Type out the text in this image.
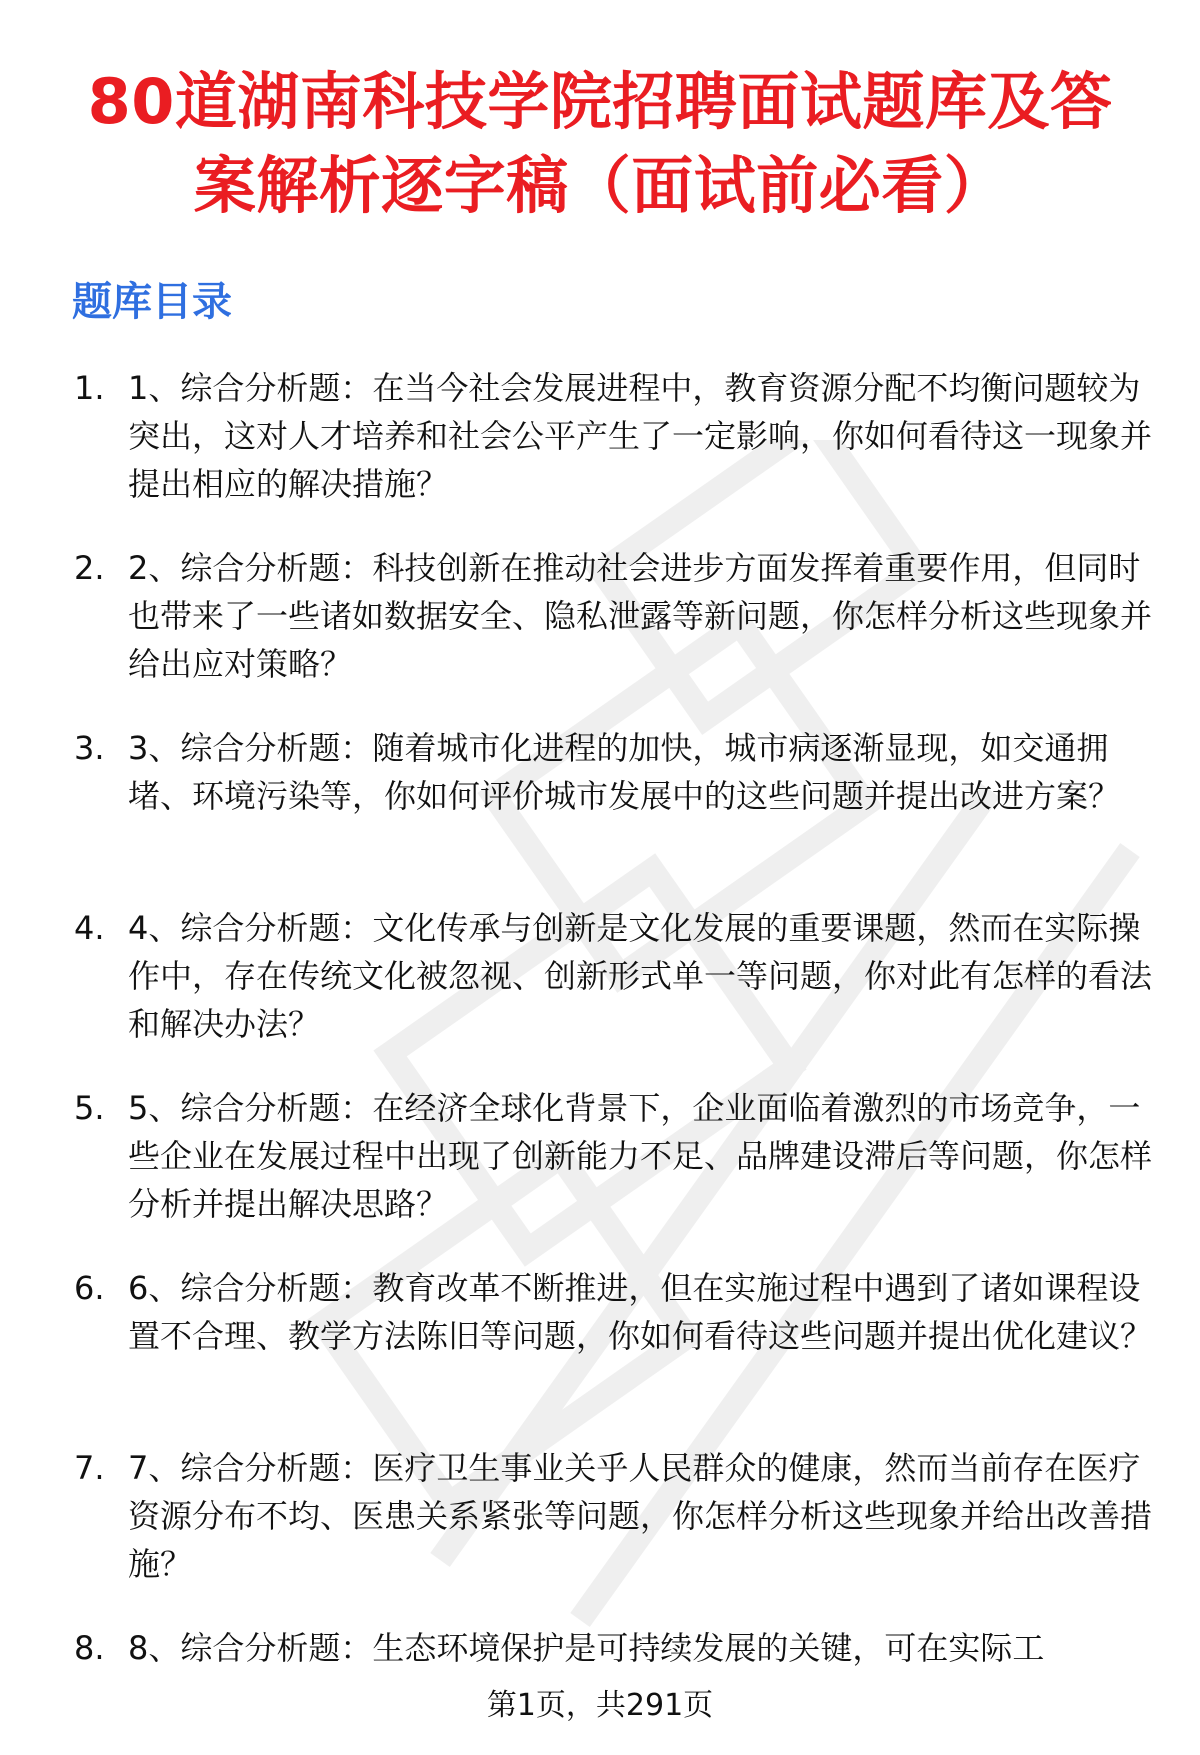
80道湖南科技学院招聘面试题库及答案解析逐字稿（面试前必看）
题库目录
1. 1、综合分析题：在当今社会发展进程中，教育资源分配不均衡问题较为突出，这对人才培养和社会公平产生了一定影响，你如何看待这一现象并提出相应的解决措施？
2. 2、综合分析题：科技创新在推动社会进步方面发挥着重要作用，但同时也带来了一些诸如数据安全、隐私泄露等新问题，你怎样分析这些现象并给出应对策略？
3. 3、综合分析题：随着城市化进程的加快，城市病逐渐显现，如交通拥堵、环境污染等，你如何评价城市发展中的这些问题并提出改进方案？
4. 4、综合分析题：文化传承与创新是文化发展的重要课题，然而在实际操作中，存在传统文化被忽视、创新形式单一等问题，你对此有怎样的看法和解决办法？
5. 5、综合分析题：在经济全球化背景下，企业面临着激烈的市场竞争，一些企业在发展过程中出现了创新能力不足、品牌建设滞后等问题，你怎样分析并提出解决思路？
6. 6、综合分析题：教育改革不断推进，但在实施过程中遇到了诸如课程设置不合理、教学方法陈旧等问题，你如何看待这些问题并提出优化建议？
7. 7、综合分析题：医疗卫生事业关乎人民群众的健康，然而当前存在医疗资源分布不均、医患关系紧张等问题，你怎样分析这些现象并给出改善措施？
8. 8、综合分析题：生态环境保护是可持续发展的关键，可在实际工
第1页，共291页
